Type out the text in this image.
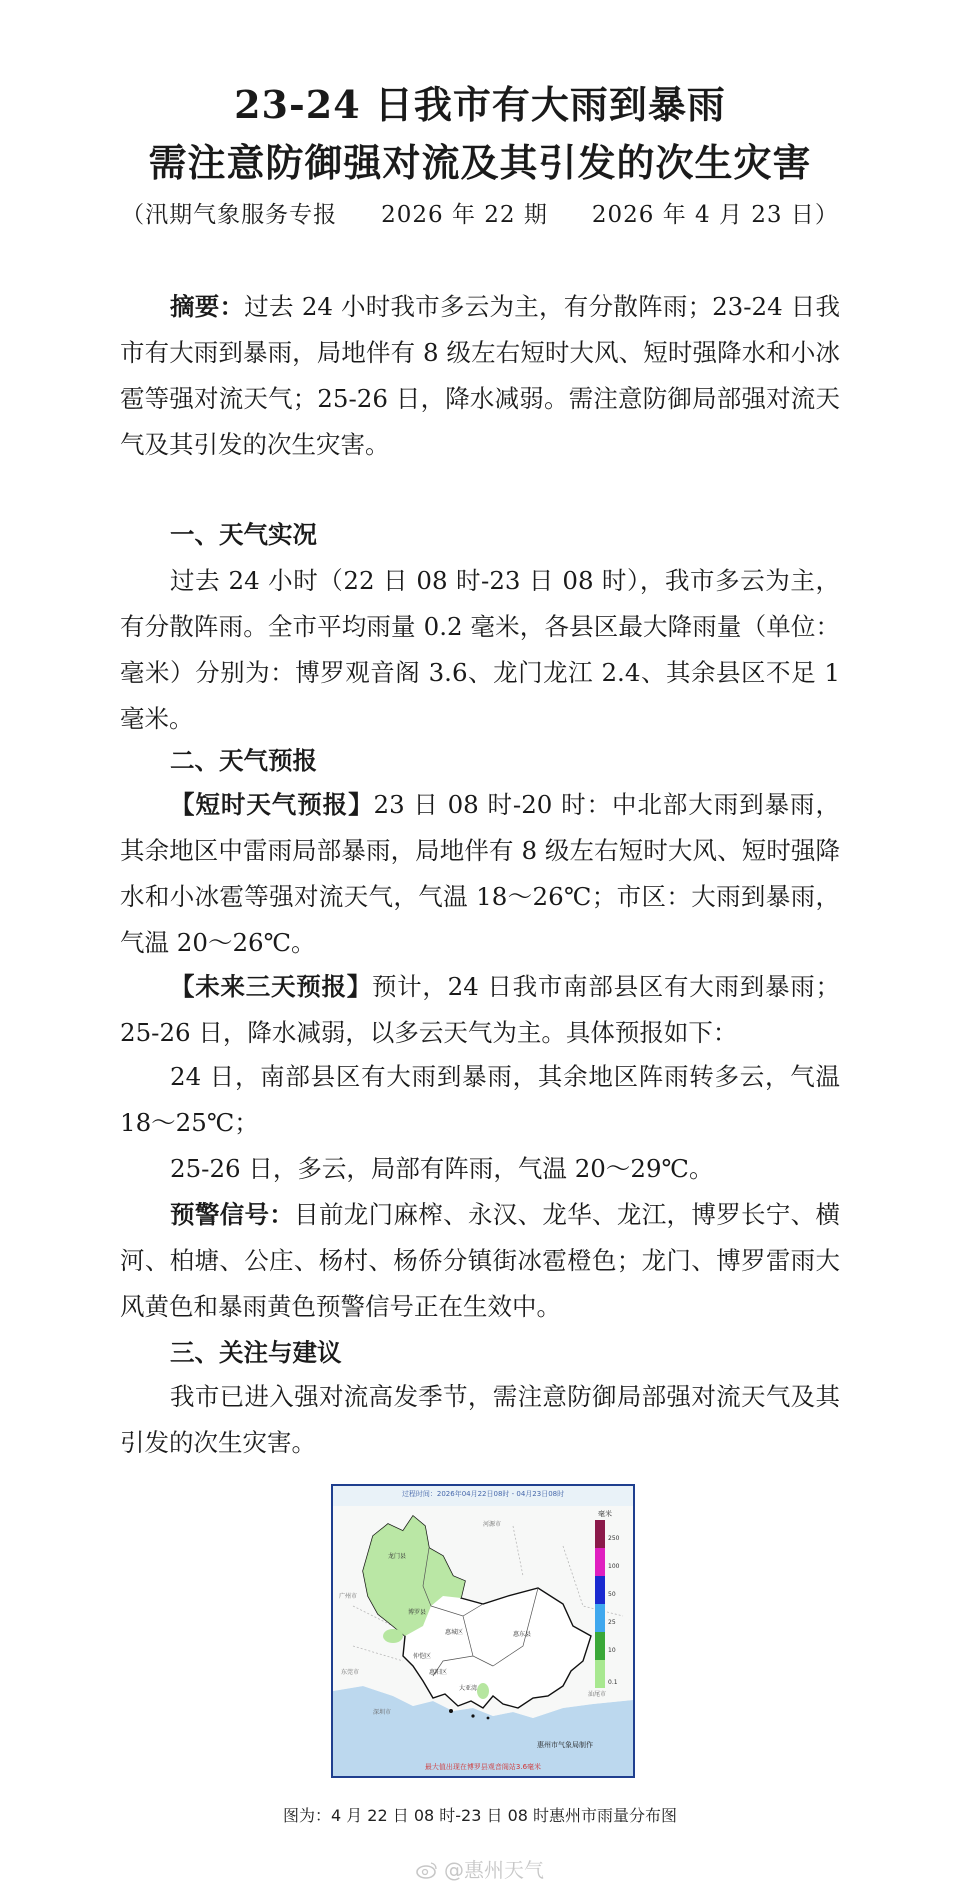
23-24 日我市有大雨到暴雨
需注意防御强对流及其引发的次生灾害
（汛期气象服务专报 2026 年 22 期 2026 年 4 月 23 日）
摘要：过去 24 小时我市多云为主，有分散阵雨；23-24 日我市有大雨到暴雨，局地伴有 8 级左右短时大风、短时强降水和小冰雹等强对流天气；25-26 日，降水减弱。需注意防御局部强对流天气及其引发的次生灾害。
一、天气实况
过去 24 小时（22 日 08 时-23 日 08 时），我市多云为主，有分散阵雨。全市平均雨量 0.2 毫米，各县区最大降雨量（单位：毫米）分别为：博罗观音阁 3.6、龙门龙江 2.4、其余县区不足 1 毫米。
二、天气预报
【短时天气预报】23 日 08 时-20 时：中北部大雨到暴雨，其余地区中雷雨局部暴雨，局地伴有 8 级左右短时大风、短时强降水和小冰雹等强对流天气，气温 18～26℃；市区：大雨到暴雨，气温 20～26℃。
【未来三天预报】预计，24 日我市南部县区有大雨到暴雨；25-26 日，降水减弱，以多云天气为主。具体预报如下：
24 日，南部县区有大雨到暴雨，其余地区阵雨转多云，气温 18～25℃；
25-26 日，多云，局部有阵雨，气温 20～29℃。
预警信号：目前龙门麻榨、永汉、龙华、龙江，博罗长宁、横河、柏塘、公庄、杨村、杨侨分镇街冰雹橙色；龙门、博罗雷雨大风黄色和暴雨黄色预警信号正在生效中。
三、关注与建议
我市已进入强对流高发季节，需注意防御局部强对流天气及其引发的次生灾害。
毫米
250
100
50
25
10
0.1
河源市
广州市
龙门县
博罗县
惠城区
仲恺区
惠阳区
大亚湾
惠东县
东莞市
深圳市
汕尾市
过程时间：2026年04月22日08时 - 04月23日08时
惠州市气象局制作
最大值出现在博罗县观音阁站3.6毫米
图为：4 月 22 日 08 时-23 日 08 时惠州市雨量分布图
@惠州天气
